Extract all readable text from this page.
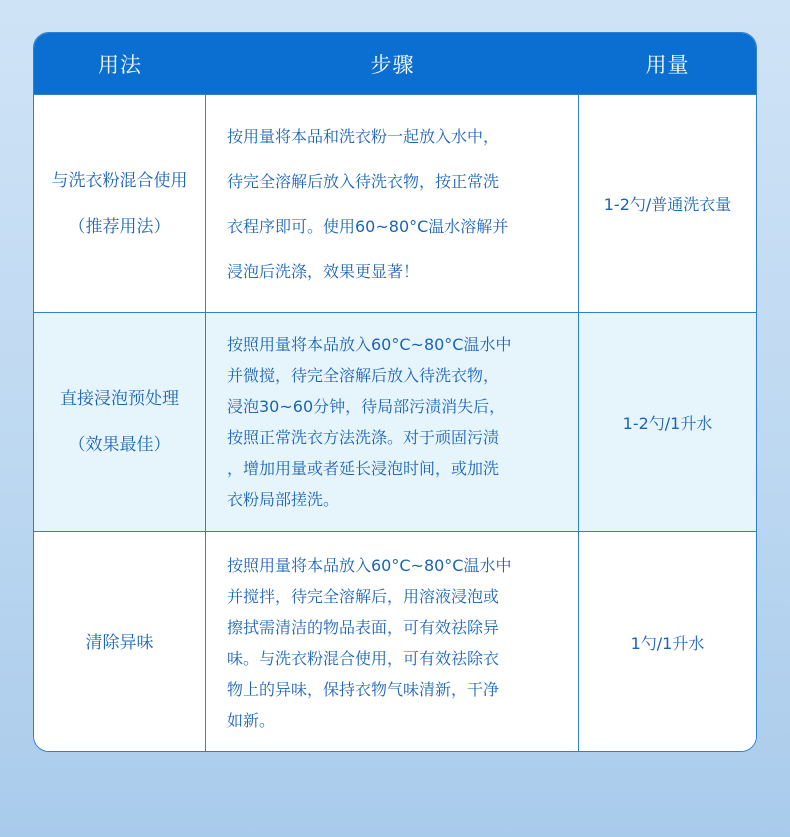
用法	步骤	用量
与洗衣粉混合使用
（推荐用法）

按用量将本品和洗衣粉一起放入水中，
待完全溶解后放入待洗衣物，按正常洗
衣程序即可。使用60~80°C温水溶解并
浸泡后洗涤，效果更显著！

1-2勺/普通洗衣量
直接浸泡预处理
（效果最佳）

按照用量将本品放入60°C~80°C温水中
并微搅，待完全溶解后放入待洗衣物，
浸泡30~60分钟，待局部污渍消失后，
按照正常洗衣方法洗涤。对于顽固污渍
，增加用量或者延长浸泡时间，或加洗
衣粉局部搓洗。

1-2勺/1升水
清除异味

按照用量将本品放入60°C~80°C温水中
并搅拌，待完全溶解后，用溶液浸泡或
擦拭需清洁的物品表面，可有效祛除异
味。与洗衣粉混合使用，可有效祛除衣
物上的异味，保持衣物气味清新，干净
如新。

1勺/1升水
